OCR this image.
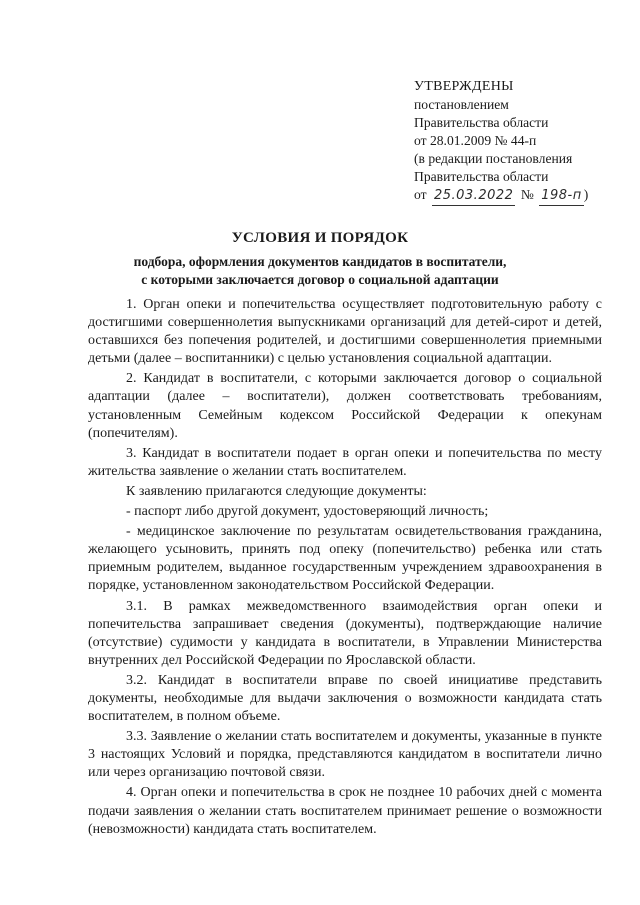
УТВЕРЖДЕНЫ
постановлением
Правительства области
от 28.01.2009 № 44-п
(в редакции постановления
Правительства области
от 25.03.2022 № 198-п )
УСЛОВИЯ И ПОРЯДОК
подбора, оформления документов кандидатов в воспитатели,
с которыми заключается договор о социальной адаптации

1. Орган опеки и попечительства осуществляет подготовительную работу с достигшими совершеннолетия выпускниками организаций для детей-сирот и детей, оставшихся без попечения родителей, и достигшими совершеннолетия приемными детьми (далее – воспитанники) с целью установления социальной адаптации.

2. Кандидат в воспитатели, с которыми заключается договор о социальной адаптации (далее – воспитатели), должен соответствовать требованиям, установленным Семейным кодексом Российской Федерации к опекунам (попечителям).

3. Кандидат в воспитатели подает в орган опеки и попечительства по месту жительства заявление о желании стать воспитателем.

К заявлению прилагаются следующие документы:

- паспорт либо другой документ, удостоверяющий личность;

- медицинское заключение по результатам освидетельствования гражданина, желающего усыновить, принять под опеку (попечительство) ребенка или стать приемным родителем, выданное государственным учреждением здравоохранения в порядке, установленном законодательством Российской Федерации.

3.1. В рамках межведомственного взаимодействия орган опеки и попечительства запрашивает сведения (документы), подтверждающие наличие (отсутствие) судимости у кандидата в воспитатели, в Управлении Министерства внутренних дел Российской Федерации по Ярославской области.

3.2. Кандидат в воспитатели вправе по своей инициативе представить документы, необходимые для выдачи заключения о возможности кандидата стать воспитателем, в полном объеме.

3.3. Заявление о желании стать воспитателем и документы, указанные в пункте 3 настоящих Условий и порядка, представляются кандидатом в воспитатели лично или через организацию почтовой связи.

4. Орган опеки и попечительства в срок не позднее 10 рабочих дней с момента подачи заявления о желании стать воспитателем принимает решение о возможности (невозможности) кандидата стать воспитателем.
